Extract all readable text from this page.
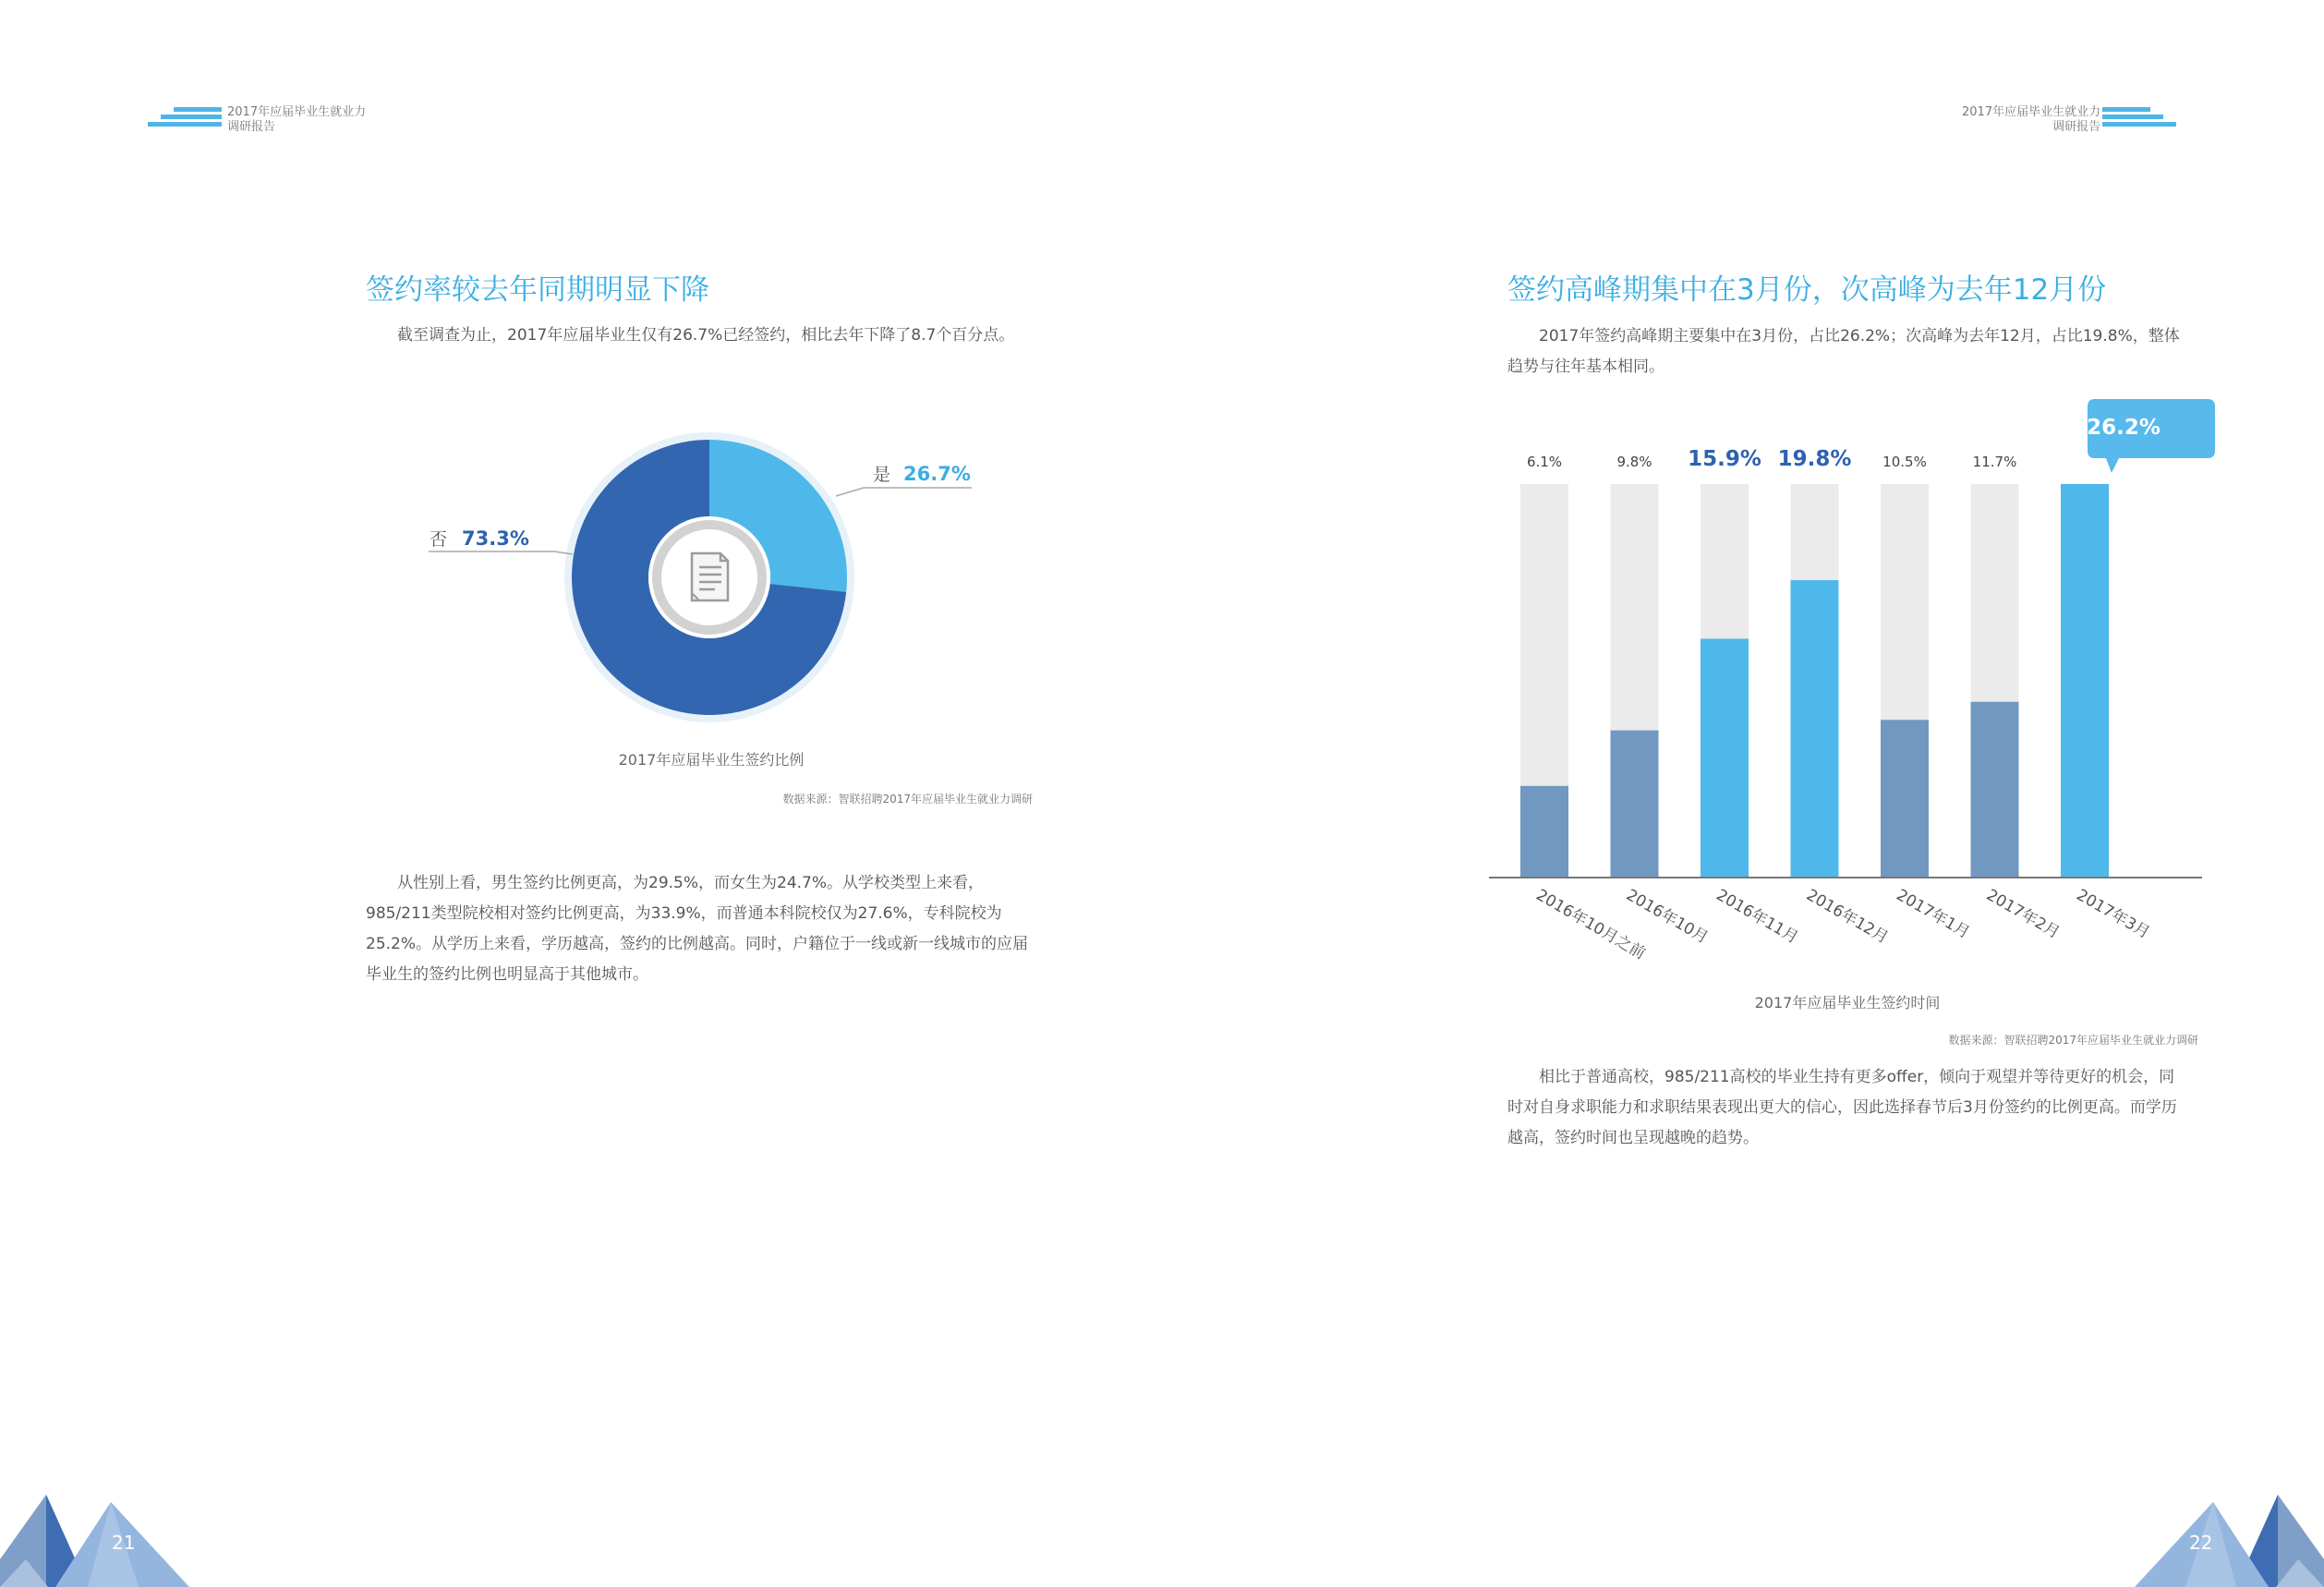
2017年应届毕业生就业力
调研报告
2017年应届毕业生就业力
调研报告
签约率较去年同期明显下降

截至调查为止，2017年应届毕业生仅有26.7%已经签约，相比去年下降了8.7个百分点。

是 26.7%
否 73.3%
2017年应届毕业生签约比例
数据来源：智联招聘2017年应届毕业生就业力调研

从性别上看，男生签约比例更高，为29.5%，而女生为24.7%。从学校类型上来看，985/211类型院校相对签约比例更高，为33.9%，而普通本科院校仅为27.6%，专科院校为25.2%。从学历上来看，学历越高，签约的比例越高。同时，户籍位于一线或新一线城市的应届毕业生的签约比例也明显高于其他城市。

签约高峰期集中在3月份，次高峰为去年12月份

2017年签约高峰期主要集中在3月份，占比26.2%；次高峰为去年12月，占比19.8%，整体趋势与往年基本相同。

6.1%
2016年10月之前
9.8%
2016年10月
15.9%
2016年11月
19.8%
2016年12月
10.5%
2017年1月
11.7%
2017年2月 2017年3月
26.2%
2017年应届毕业生签约时间
数据来源：智联招聘2017年应届毕业生就业力调研

相比于普通高校，985/211高校的毕业生持有更多offer，倾向于观望并等待更好的机会，同时对自身求职能力和求职结果表现出更大的信心，因此选择春节后3月份签约的比例更高。而学历越高，签约时间也呈现越晚的趋势。

21	22
